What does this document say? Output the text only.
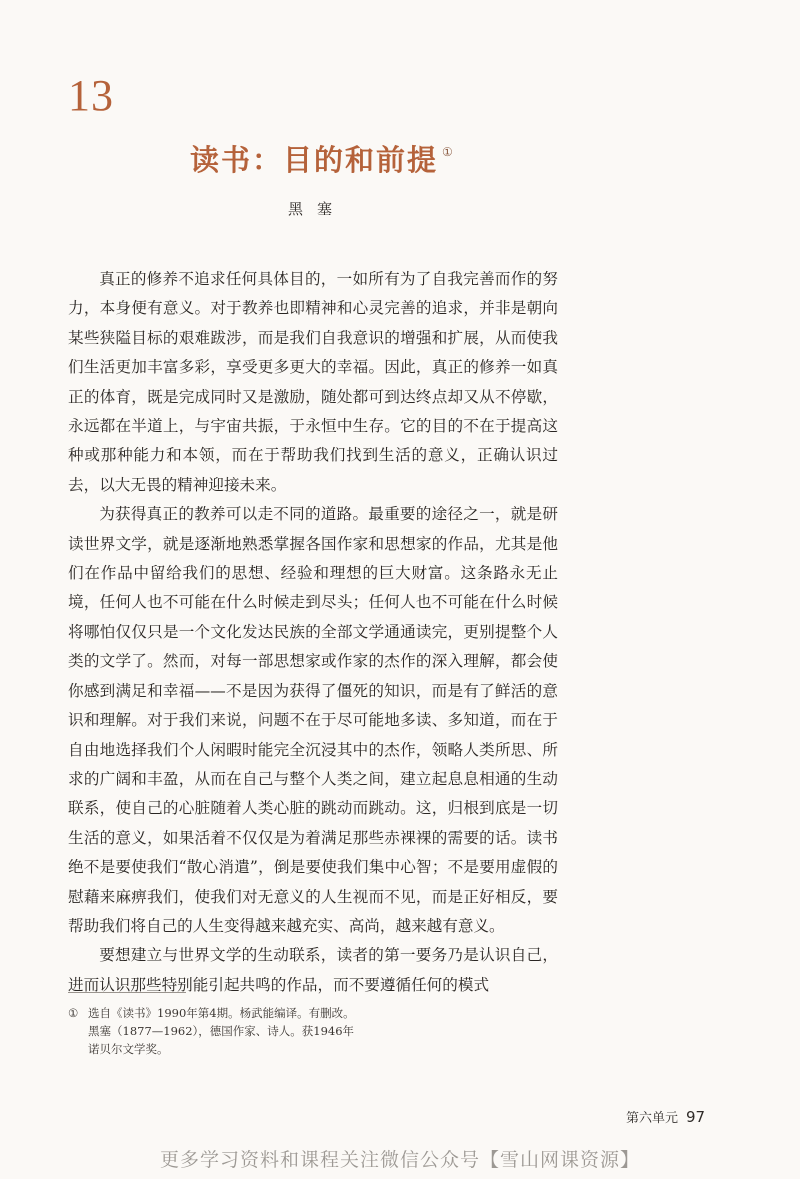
13
读书：目的和前提 ①
黑塞

真正的修养不追求任何具体目的，一如所有为了自我完善而作的努力，本身便有意义。对于教养也即精神和心灵完善的追求，并非是朝向某些狭隘目标的艰难跋涉，而是我们自我意识的增强和扩展，从而使我们生活更加丰富多彩，享受更多更大的幸福。因此，真正的修养一如真正的体育，既是完成同时又是激励，随处都可到达终点却又从不停歇，永远都在半道上，与宇宙共振，于永恒中生存。它的目的不在于提高这种或那种能力和本领，而在于帮助我们找到生活的意义，正确认识过去，以大无畏的精神迎接未来。

为获得真正的教养可以走不同的道路。最重要的途径之一，就是研读世界文学，就是逐渐地熟悉掌握各国作家和思想家的作品，尤其是他们在作品中留给我们的思想、经验和理想的巨大财富。这条路永无止境，任何人也不可能在什么时候走到尽头；任何人也不可能在什么时候将哪怕仅仅只是一个文化发达民族的全部文学通通读完，更别提整个人类的文学了。然而，对每一部思想家或作家的杰作的深入理解，都会使你感到满足和幸福——不是因为获得了僵死的知识，而是有了鲜活的意识和理解。对于我们来说，问题不在于尽可能地多读、多知道，而在于自由地选择我们个人闲暇时能完全沉浸其中的杰作，领略人类所思、所求的广阔和丰盈，从而在自己与整个人类之间，建立起息息相通的生动联系，使自己的心脏随着人类心脏的跳动而跳动。这，归根到底是一切生活的意义，如果活着不仅仅是为着满足那些赤裸裸的需要的话。读书绝不是要使我们“散心消遣”，倒是要使我们集中心智；不是要用虚假的慰藉来麻痹我们，使我们对无意义的人生视而不见，而是正好相反，要帮助我们将自己的人生变得越来越充实、高尚，越来越有意义。

要想建立与世界文学的生动联系，读者的第一要务乃是认识自己，进而认识那些特别能引起共鸣的作品，而不要遵循任何的模式

① 选自《读书》1990年第4期。杨武能编译。有删改。
黑塞（1877—1962），德国作家、诗人。获1946年
诺贝尔文学奖。
第六单元 97
更多学习资料和课程关注微信公众号【雪山网课资源】
